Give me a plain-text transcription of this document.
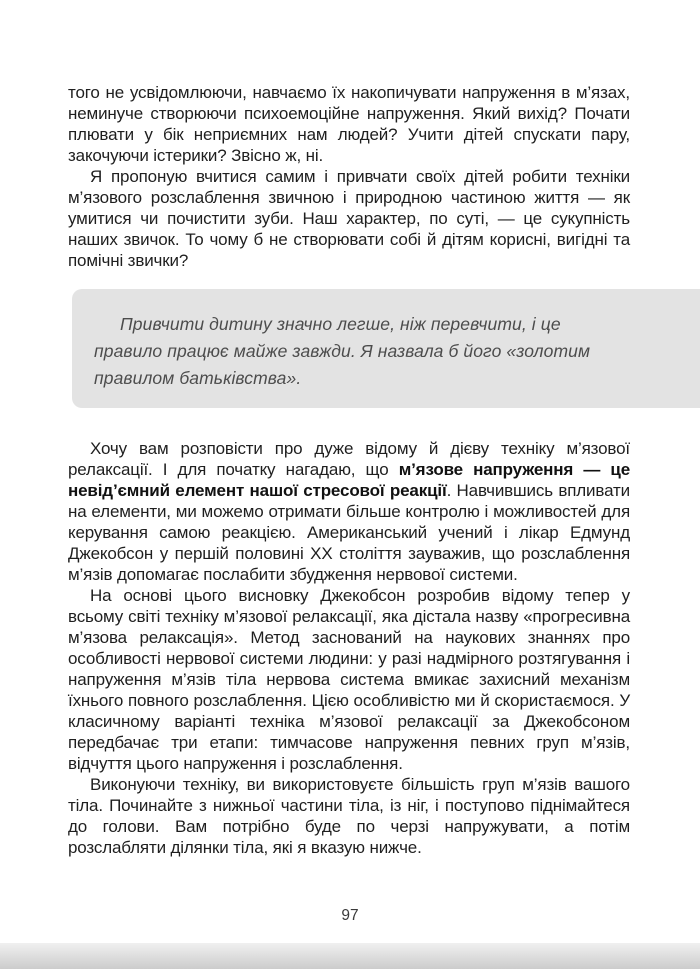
того не усвідомлюючи, навчаємо їх накопичувати напруження в м’язах, неминуче створюючи психоемоційне напруження. Який вихід? Почати плювати у бік неприємних нам людей? Учити дітей спускати пару, закочуючи істерики? Звісно ж, ні.

Я пропоную вчитися самим і привчати своїх дітей робити техніки м’язового розслаблення звичною і природною частиною життя — як умитися чи почистити зуби. Наш характер, по суті, — це сукупність наших звичок. То чому б не створювати собі й дітям корисні, вигідні та помічні звички?

Привчити дитину значно легше, ніж перевчити, і це правило працює майже завжди. Я назвала б його «золотим правилом батьківства».

Хочу вам розповісти про дуже відому й дієву техніку м’язової релаксації. І для початку нагадаю, що м’язове напруження — це невід’ємний елемент нашої стресової реакції. Навчившись впливати на елементи, ми можемо отримати більше контролю і можливостей для керування самою реакцією. Американський учений і лікар Едмунд Джекобсон у першій половині ХХ століття зауважив, що розслаблення м’язів допомагає послабити збудження нервової системи.

На основі цього висновку Джекобсон розробив відому тепер у всьому світі техніку м’язової релаксації, яка дістала назву «прогресивна м’язова релаксація». Метод заснований на наукових знаннях про особливості нервової системи людини: у разі надмірного розтягування і напруження м’язів тіла нервова система вмикає захисний механізм їхнього повного розслаблення. Цією особливістю ми й скористаємося. У класичному варіанті техніка м’язової релаксації за Джекобсоном передбачає три етапи: тимчасове напруження певних груп м’язів, відчуття цього напруження і розслаблення.

Виконуючи техніку, ви використовуєте більшість груп м’язів вашого тіла. Починайте з нижньої частини тіла, із ніг, і поступово піднімайтеся до голови. Вам потрібно буде по черзі напружувати, а потім розслабляти ділянки тіла, які я вказую нижче.

97
